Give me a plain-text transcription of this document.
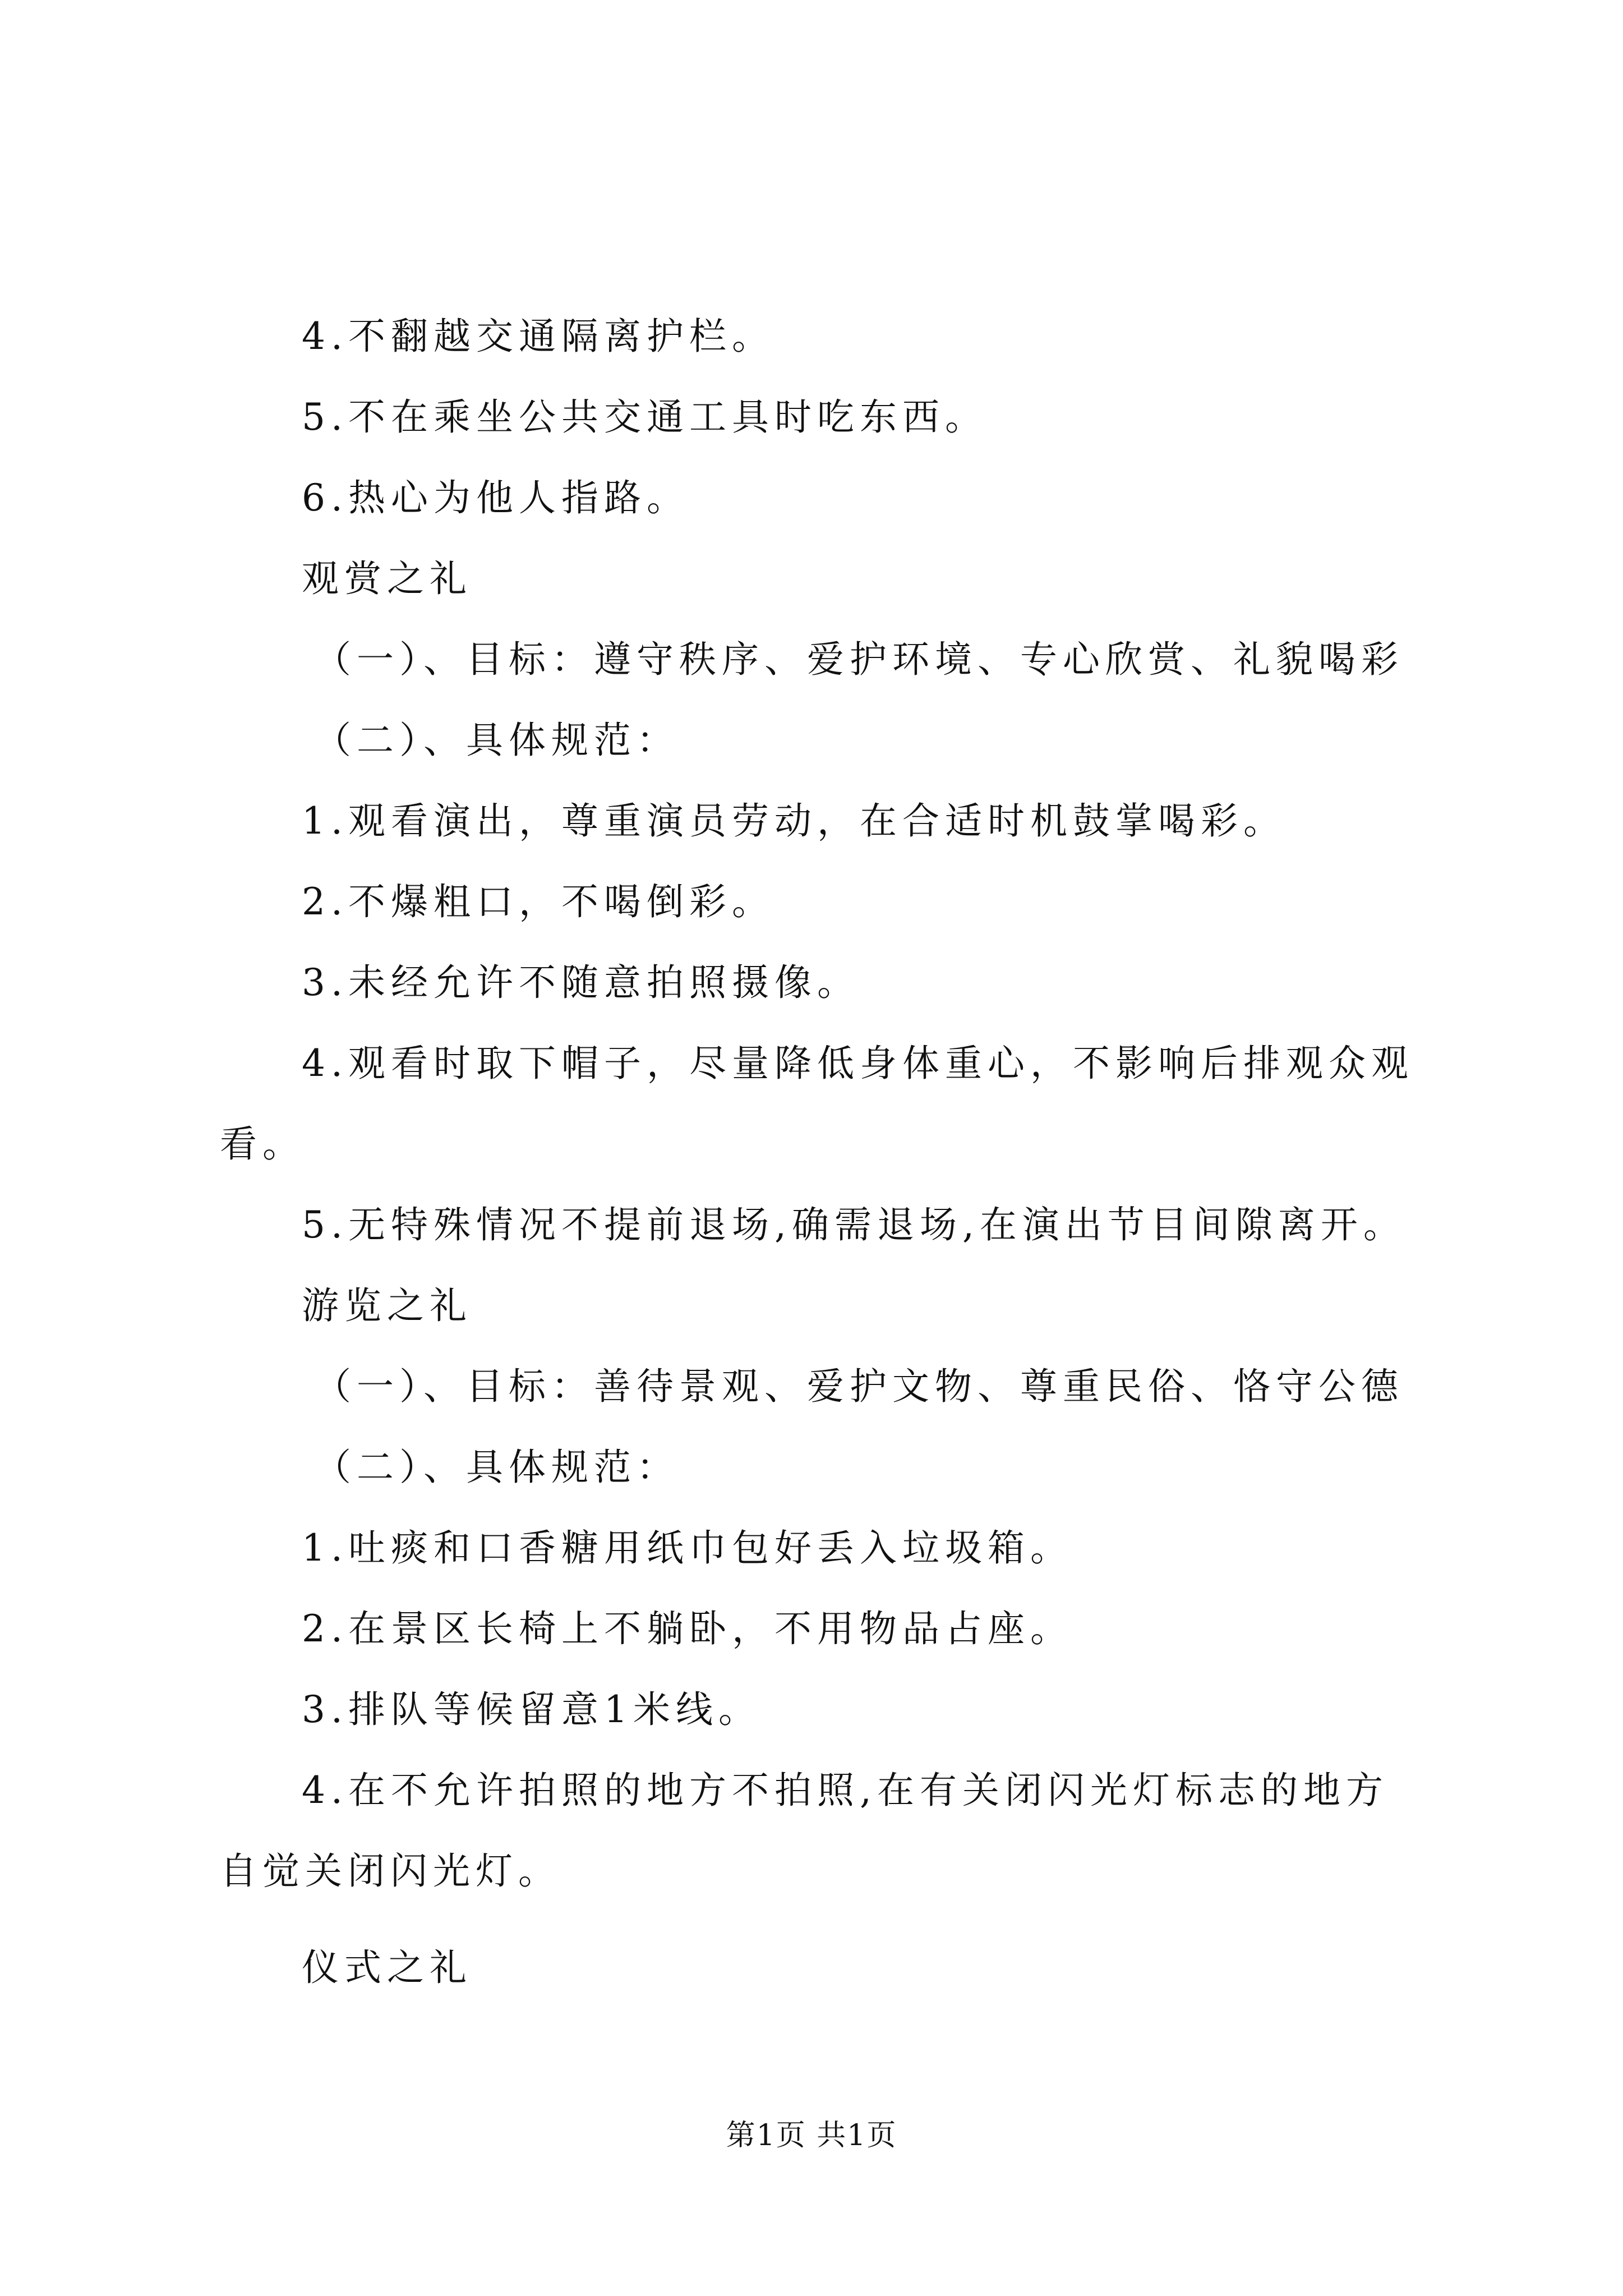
4.不翻越交通隔离护栏。
5.不在乘坐公共交通工具时吃东西。
6.热心为他人指路。
观赏之礼
（一）、目标：遵守秩序、爱护环境、专心欣赏、礼貌喝彩
（二）、具体规范：
1.观看演出，尊重演员劳动，在合适时机鼓掌喝彩。
2.不爆粗口，不喝倒彩。
3.未经允许不随意拍照摄像。
4.观看时取下帽子，尽量降低身体重心，不影响后排观众观
看。
5.无特殊情况不提前退场,确需退场,在演出节目间隙离开。
游览之礼
（一）、目标：善待景观、爱护文物、尊重民俗、恪守公德
（二）、具体规范：
1.吐痰和口香糖用纸巾包好丢入垃圾箱。
2.在景区长椅上不躺卧，不用物品占座。
3.排队等候留意1米线。
4.在不允许拍照的地方不拍照,在有关闭闪光灯标志的地方
自觉关闭闪光灯。
仪式之礼
第1页 共1页
